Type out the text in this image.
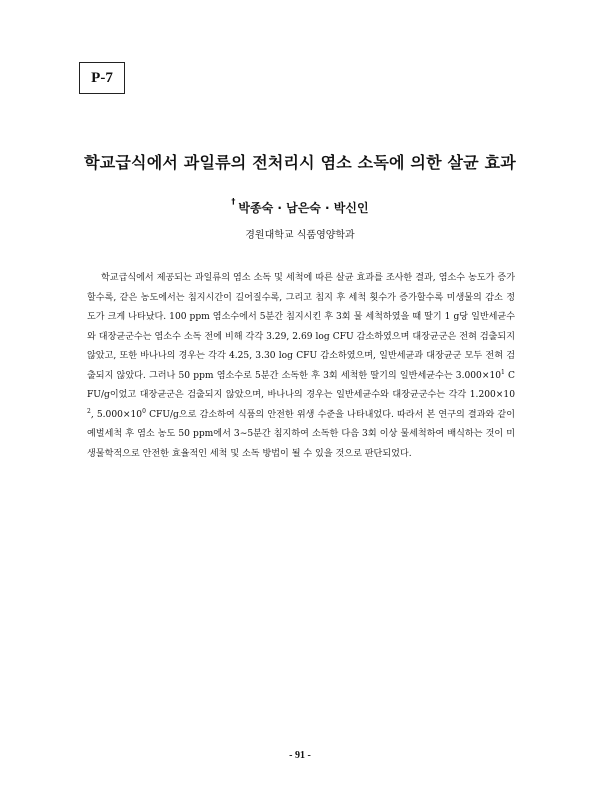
P-7
학교급식에서 과일류의 전처리시 염소 소독에 의한 살균 효과
† 박종숙 · 남은숙 · 박신인
경원대학교 식품영양학과

학교급식에서 제공되는 과일류의 염소 소독 및 세척에 따른 살균 효과를 조사한 결과, 염소수 농도가 증가할수록, 같은 농도에서는 침지시간이 길어질수록, 그리고 침지 후 세척 횟수가 증가할수록 미생물의 감소 정도가 크게 나타났다. 100 ppm 염소수에서 5분간 침지시킨 후 3회 물 세척하였을 때 딸기 1 g당 일반세균수와 대장균군수는 염소수 소독 전에 비해 각각 3.29, 2.69 log CFU 감소하였으며 대장균군은 전혀 검출되지 않았고, 또한 바나나의 경우는 각각 4.25, 3.30 log CFU 감소하였으며, 일반세균과 대장균군 모두 전혀 검출되지 않았다. 그러나 50 ppm 염소수로 5분간 소독한 후 3회 세척한 딸기의 일반세균수는 $3.000\times 10^1$ CFU/g이었고 대장균군은 검출되지 않았으며, 바나나의 경우는 일반세균수와 대장균군수는 각각 $1.200\times 10^2$, $5.000\times 10^0$ CFU/g으로 감소하여 식품의 안전한 위생 수준을 나타내었다. 따라서 본 연구의 결과와 같이 예벌세척 후 염소 농도 50 ppm에서 3∼5분간 침지하여 소독한 다음 3회 이상 물세척하여 배식하는 것이 미생물학적으로 안전한 효율적인 세척 및 소독 방법이 될 수 있을 것으로 판단되었다.

- 91 -
